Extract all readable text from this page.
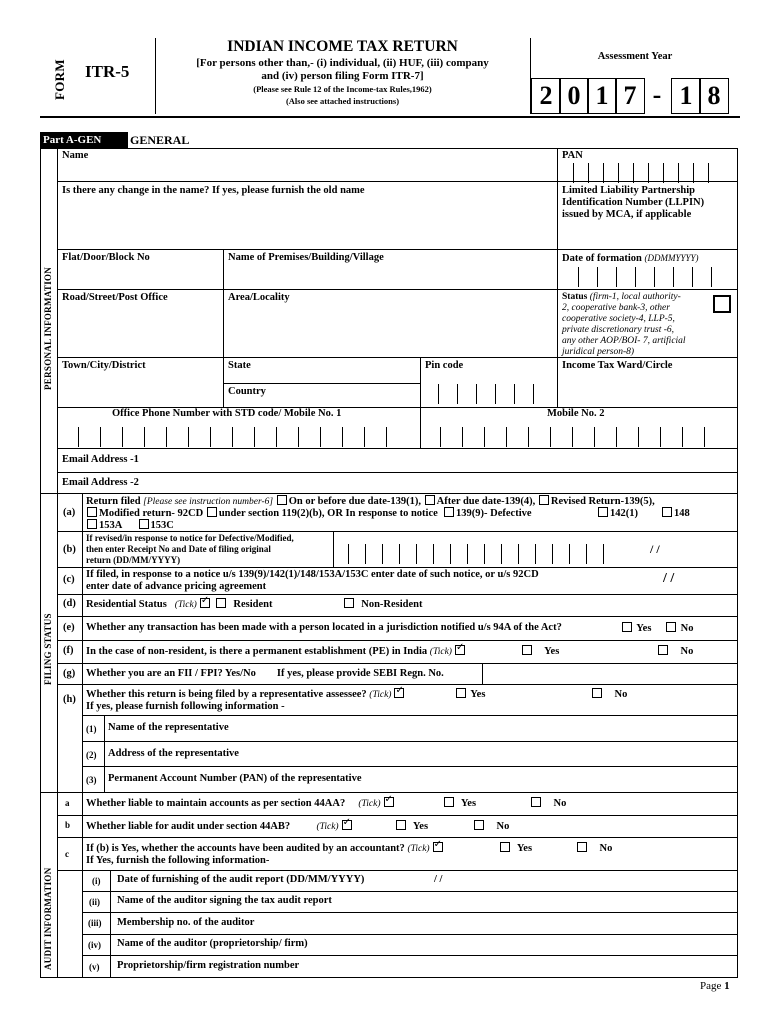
FORM ITR-5
INDIAN INCOME TAX RETURN
[For persons other than,- (i) individual, (ii) HUF, (iii) company
and (iv) person filing Form ITR-7]
(Please see Rule 12 of the Income-tax Rules,1962)
(Also see attached instructions)
Assessment Year
2 0 1 7 - 1 8
Part A-GEN	GENERAL
PERSONAL INFORMATION
FILING STATUS
AUDIT INFORMATION
Name	PAN
Is there any change in the name? If yes, please furnish the old name	Limited Liability Partnership
Identification Number (LLPIN)
issued by MCA, if applicable
Flat/Door/Block No	Name of Premises/Building/Village	Date of formation (DDMMYYYY)
Road/Street/Post Office	Area/Locality	Status (firm-1, local authority-
2, cooperative bank-3, other
cooperative society-4, LLP-5,
private discretionary trust -6,
any other AOP/BOI- 7, artificial
juridical person-8)
Town/City/District	State	Pin code	Income Tax Ward/Circle
Country
Office Phone Number with STD code/ Mobile No. 1	Mobile No. 2
Email Address -1
Email Address -2
(a)
Return filed [Please see instruction number-6] On or before due date-139(1), After due date-139(4), Revised Return-139(5),
Modified return- 92CD under section 119(2)(b), OR In response to notice 139(9)- Defective	142(1)	148
153A	153C
(b)
If revised/in response to notice for Defective/Modified,
then enter Receipt No and Date of filing original
return (DD/MM/YYYY)
/ /
(c) If filed, in response to a notice u/s 139(9)/142(1)/148/153A/153C enter date of such notice, or u/s 92CD
enter date of advance pricing agreement
/ /
(d) Residential Status (Tick) ✓	Resident	Non-Resident
(e) Whether any transaction has been made with a person located in a jurisdiction notified u/s 94A of the Act?	Yes	No
(f) In the case of non-resident, is there a permanent establishment (PE) in India (Tick) ✓	Yes	No
(g) Whether you are an FII / FPI? Yes/No If yes, please provide SEBI Regn. No.
(h) Whether this return is being filed by a representative assessee? (Tick) ✓	Yes	No
If yes, please furnish following information -
(1) Name of the representative
(2) Address of the representative
(3) Permanent Account Number (PAN) of the representative
a Whether liable to maintain accounts as per section 44AA? (Tick) ✓	Yes	No
b Whether liable for audit under section 44AB?	(Tick) ✓	Yes	No
c If (b) is Yes, whether the accounts have been audited by an accountant? (Tick) ✓	Yes	No
If Yes, furnish the following information-
(i) Date of furnishing of the audit report (DD/MM/YYYY)	/ /
(ii) Name of the auditor signing the tax audit report
(iii) Membership no. of the auditor
(iv) Name of the auditor (proprietorship/ firm)
(v) Proprietorship/firm registration number
Page 1
